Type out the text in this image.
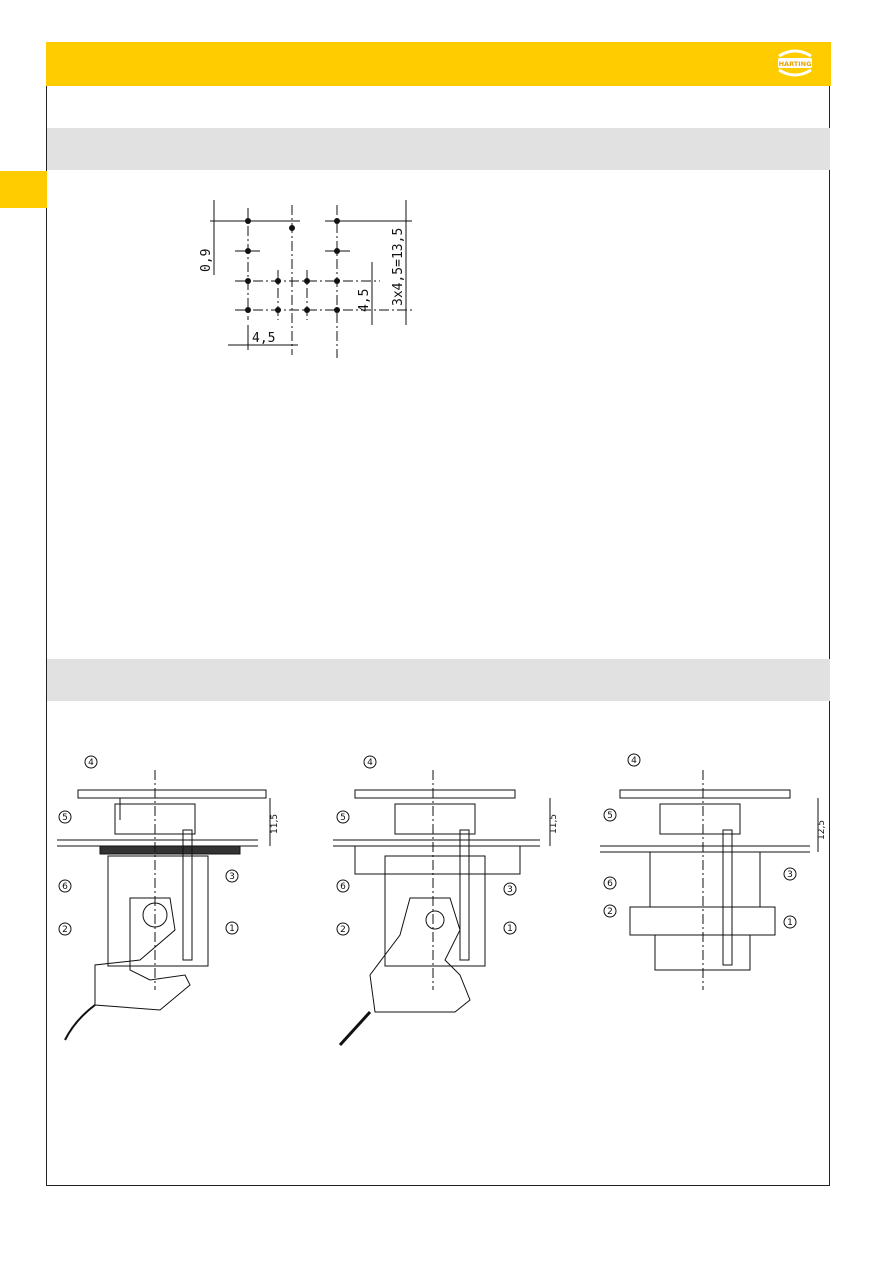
HARTING
0,9
4,5
4,5 3x4,5=13,5
4
5
6
2
3
1
11,5
4
5
6
2
3
1
11,5
4
5
6
2
3
1
12,5
